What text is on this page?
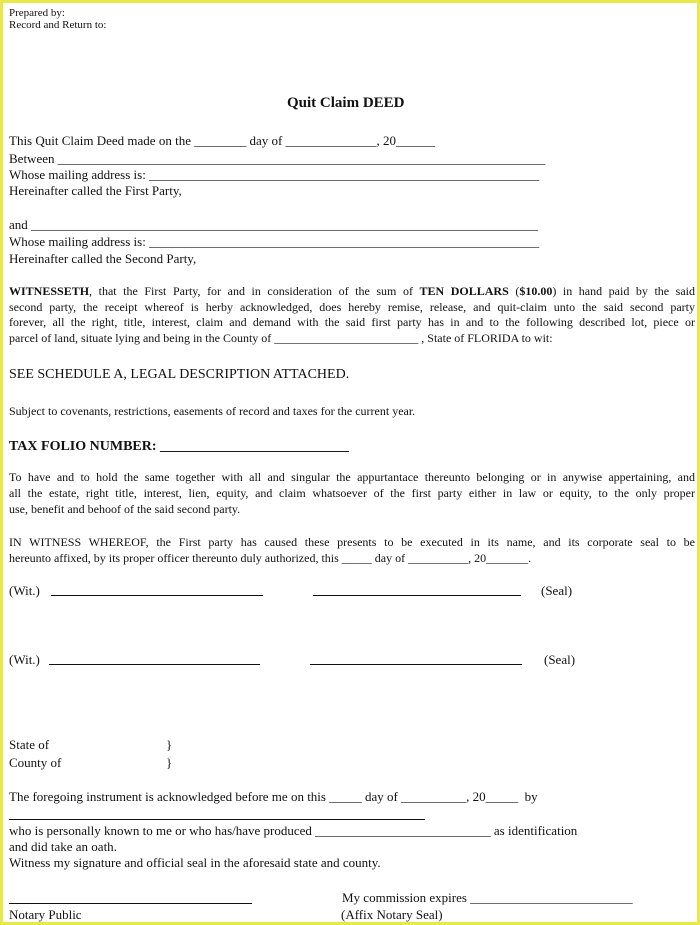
Prepared by:
Record and Return to:
Quit Claim DEED
This Quit Claim Deed made on the ________ day of ______________, 20______
Between ___________________________________________________________________________
Whose mailing address is: ____________________________________________________________
Hereinafter called the First Party,
and ______________________________________________________________________________
Whose mailing address is: ____________________________________________________________
Hereinafter called the Second Party,
WITNESSETH, that the First Party, for and in consideration of the sum of TEN DOLLARS ($10.00) in hand paid by the said
second party, the receipt whereof is herby acknowledged, does hereby remise, release, and quit-claim unto the said second party
forever, all the right, title, interest, claim and demand with the said first party has in and to the following described lot, piece or
parcel of land, situate lying and being in the County of ________________________ , State of FLORIDA to wit:
SEE SCHEDULE A, LEGAL DESCRIPTION ATTACHED.
Subject to covenants, restrictions, easements of record and taxes for the current year.
TAX FOLIO NUMBER: ___________________________
To have and to hold the same together with all and singular the appurtantace thereunto belonging or in anywise appertaining, and
all the estate, right title, interest, lien, equity, and claim whatsoever of the first party either in law or equity, to the only proper
use, benefit and behoof of the said second party.
IN WITNESS WHEREOF, the First party has caused these presents to be executed in its name, and its corporate seal to be
hereunto affixed, by its proper officer thereunto duly authorized, this _____ day of __________, 20_______.
(Wit.)	(Seal)
(Wit.)	(Seal)
State of	}
County of	}
The foregoing instrument is acknowledged before me on this _____ day of __________, 20_____  by
who is personally known to me or who has/have produced ___________________________ as identification
and did take an oath.
Witness my signature and official seal in the aforesaid state and county.
My commission expires _________________________
Notary Public	(Affix Notary Seal)
